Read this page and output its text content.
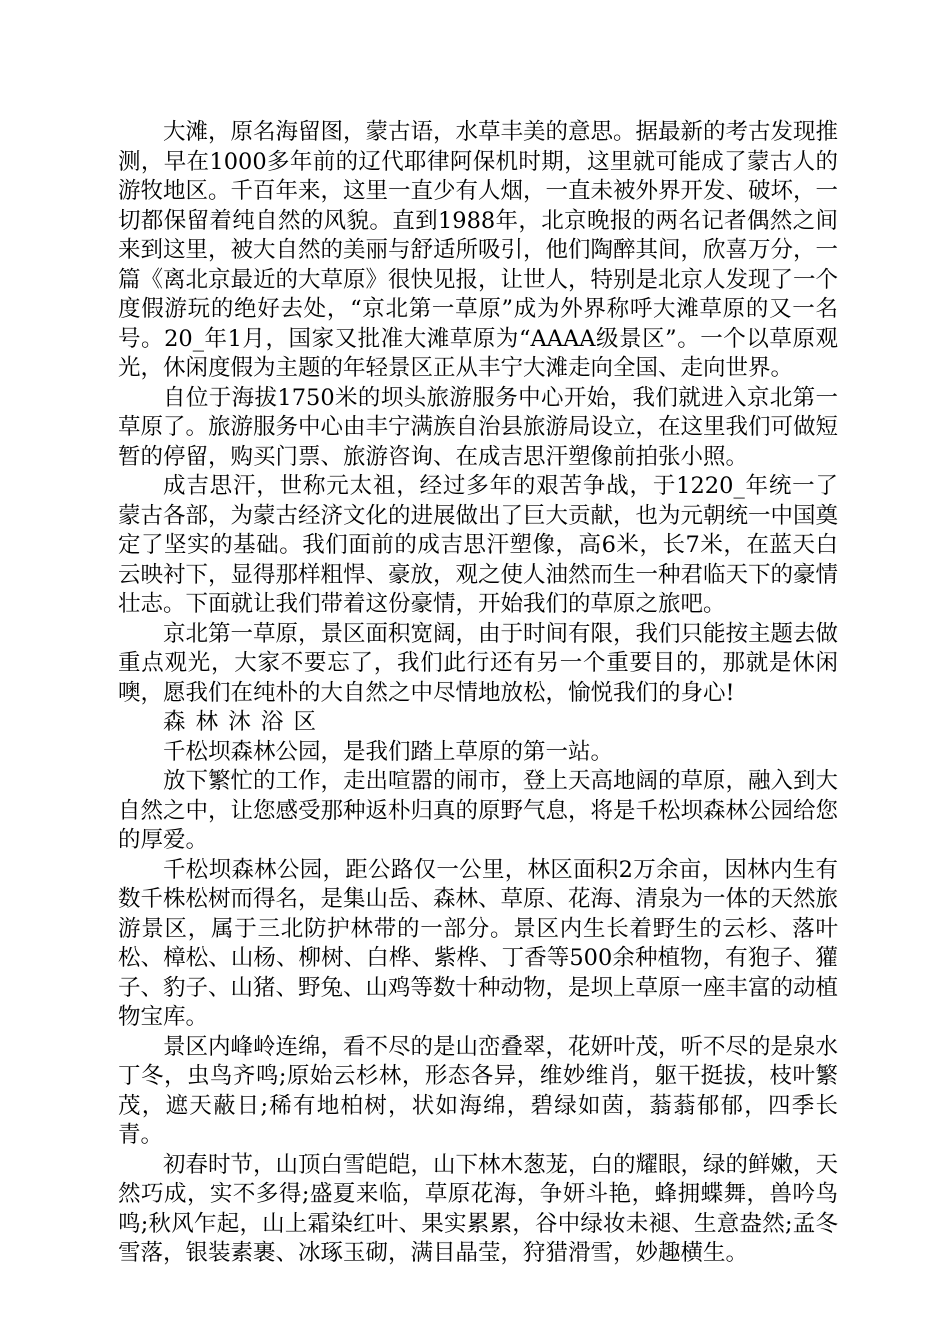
大滩，原名海留图，蒙古语，水草丰美的意思。据最新的考古发现推测，早在1000多年前的辽代耶律阿保机时期，这里就可能成了蒙古人的游牧地区。千百年来，这里一直少有人烟，一直未被外界开发、破坏，一切都保留着纯自然的风貌。直到1988年，北京晚报的两名记者偶然之间来到这里，被大自然的美丽与舒适所吸引，他们陶醉其间，欣喜万分，一篇《离北京最近的大草原》很快见报，让世人，特别是北京人发现了一个度假游玩的绝好去处，“京北第一草原”成为外界称呼大滩草原的又一名号。20_年1月，国家又批准大滩草原为“AAAA级景区”。一个以草原观光，休闲度假为主题的年轻景区正从丰宁大滩走向全国、走向世界。

自位于海拔1750米的坝头旅游服务中心开始，我们就进入京北第一草原了。旅游服务中心由丰宁满族自治县旅游局设立，在这里我们可做短暂的停留，购买门票、旅游咨询、在成吉思汗塑像前拍张小照。

成吉思汗，世称元太祖，经过多年的艰苦争战，于1220_年统一了蒙古各部，为蒙古经济文化的进展做出了巨大贡献，也为元朝统一中国奠定了坚实的基础。我们面前的成吉思汗塑像，高6米，长7米，在蓝天白云映衬下，显得那样粗悍、豪放，观之使人油然而生一种君临天下的豪情壮志。下面就让我们带着这份豪情，开始我们的草原之旅吧。

京北第一草原，景区面积宽阔，由于时间有限，我们只能按主题去做重点观光，大家不要忘了，我们此行还有另一个重要目的，那就是休闲噢，愿我们在纯朴的大自然之中尽情地放松，愉悦我们的身心!

森林沐浴区

千松坝森林公园，是我们踏上草原的第一站。

放下繁忙的工作，走出喧嚣的闹市，登上天高地阔的草原，融入到大自然之中，让您感受那种返朴归真的原野气息，将是千松坝森林公园给您的厚爱。

千松坝森林公园，距公路仅一公里，林区面积2万余亩，因林内生有数千株松树而得名，是集山岳、森林、草原、花海、清泉为一体的天然旅游景区，属于三北防护林带的一部分。景区内生长着野生的云杉、落叶松、樟松、山杨、柳树、白桦、紫桦、丁香等500余种植物，有狍子、獾子、豹子、山猪、野兔、山鸡等数十种动物，是坝上草原一座丰富的动植物宝库。

景区内峰岭连绵，看不尽的是山峦叠翠，花妍叶茂，听不尽的是泉水丁冬，虫鸟齐鸣;原始云杉林，形态各异，维妙维肖，躯干挺拔，枝叶繁茂，遮天蔽日;稀有地柏树，状如海绵，碧绿如茵，蓊蓊郁郁，四季长青。

初春时节，山顶白雪皑皑，山下林木葱茏，白的耀眼，绿的鲜嫩，天然巧成，实不多得;盛夏来临，草原花海，争妍斗艳，蜂拥蝶舞，兽吟鸟鸣;秋风乍起，山上霜染红叶、果实累累，谷中绿妆未褪、生意盎然;孟冬雪落，银装素裹、冰琢玉砌，满目晶莹，狩猎滑雪，妙趣横生。
